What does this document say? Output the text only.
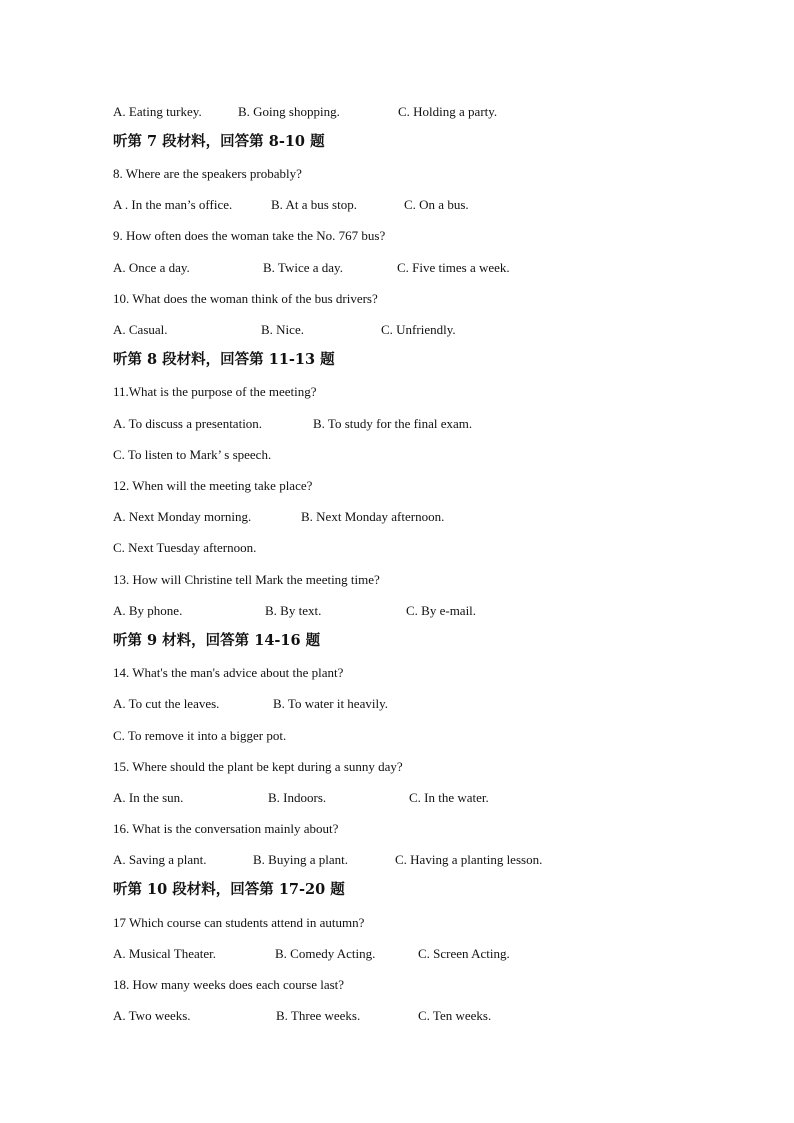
A. Eating turkey.

	B. Going shopping.

	C. Holding a party.

听第 7 段材料，回答第 8-10 题
8. Where are the speakers probably?

A . In the man’s office.

	B. At a bus stop.

	C. On a bus.

9. How often does the woman take the No. 767 bus?

A. Once a day.

	B. Twice a day.

	C. Five times a week.

10. What does the woman think of the bus drivers?

A. Casual.

	B. Nice.

	C. Unfriendly.

听第 8 段材料，回答第 11-13 题
11.What is the purpose of the meeting?

A. To discuss a presentation.

	B. To study for the final exam.

C. To listen to Mark’ s speech.
12. When will the meeting take place?

A. Next Monday morning.

	B. Next Monday afternoon.

C. Next Tuesday afternoon.
13. How will Christine tell Mark the meeting time?

A. By phone.

	B. By text.

	C. By e-mail.

听第 9 材料，回答第 14-16 题
14. What's the man's advice about the plant?

A. To cut the leaves.

	B. To water it heavily.

C. To remove it into a bigger pot.
15. Where should the plant be kept during a sunny day?

A. In the sun.

	B. Indoors.

	C. In the water.

16. What is the conversation mainly about?

A. Saving a plant.

	B. Buying a plant.

	C. Having a planting lesson.

听第 10 段材料，回答第 17-20 题
17 Which course can students attend in autumn?

A. Musical Theater.

	B. Comedy Acting.

	C. Screen Acting.

18. How many weeks does each course last?

A. Two weeks.

	B. Three weeks.

	C. Ten weeks.
